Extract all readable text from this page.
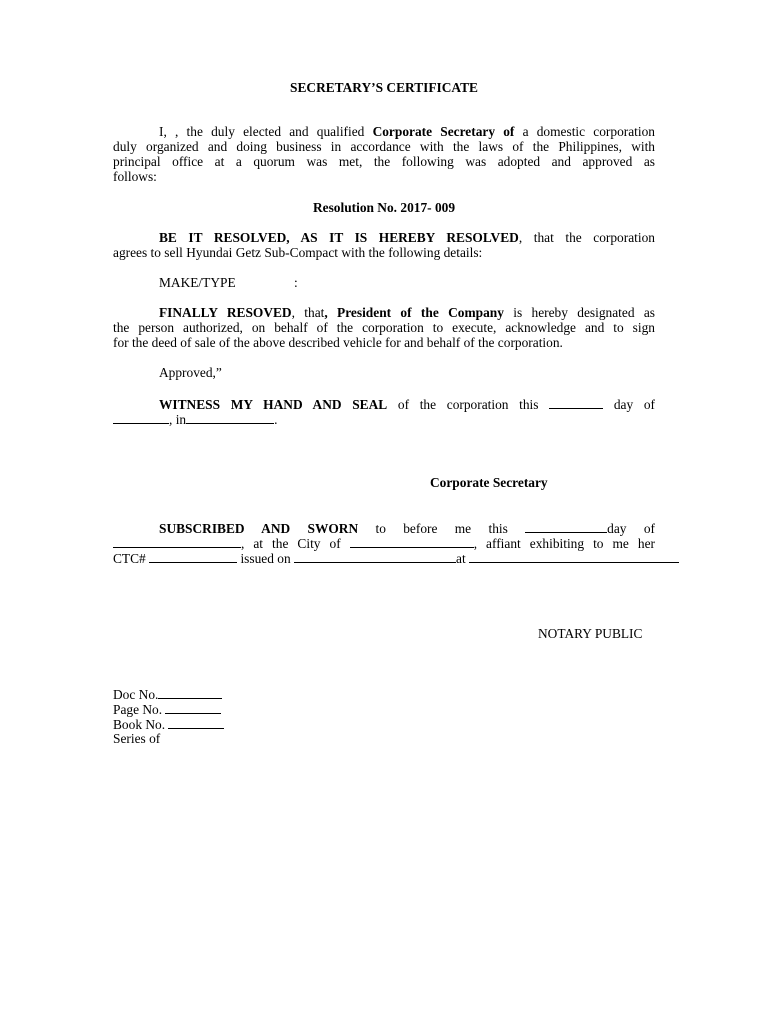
SECRETARY’S CERTIFICATE
I, , the duly elected and qualified Corporate Secretary of a domestic corporation
duly organized and doing business in accordance with the laws of the Philippines, with
principal office at a quorum was met, the following was adopted and approved as
follows:
Resolution No. 2017- 009
BE IT RESOLVED, AS IT IS HEREBY RESOLVED, that the corporation
agrees to sell Hyundai Getz Sub-Compact with the following details:
MAKE/TYPE	:
FINALLY RESOVED, that, President of the Company is hereby designated as
the person authorized, on behalf of the corporation to execute, acknowledge and to sign
for the deed of sale of the above described vehicle for and behalf of the corporation.
Approved,”
WITNESS MY HAND AND SEAL of the corporation this	day of
, in	.
Corporate Secretary
SUBSCRIBED AND SWORN to before me this	day of
, at the City of	, affiant exhibiting to me her
CTC#	issued on	at
NOTARY PUBLIC
Doc No.
Page No.
Book No.
Series of
